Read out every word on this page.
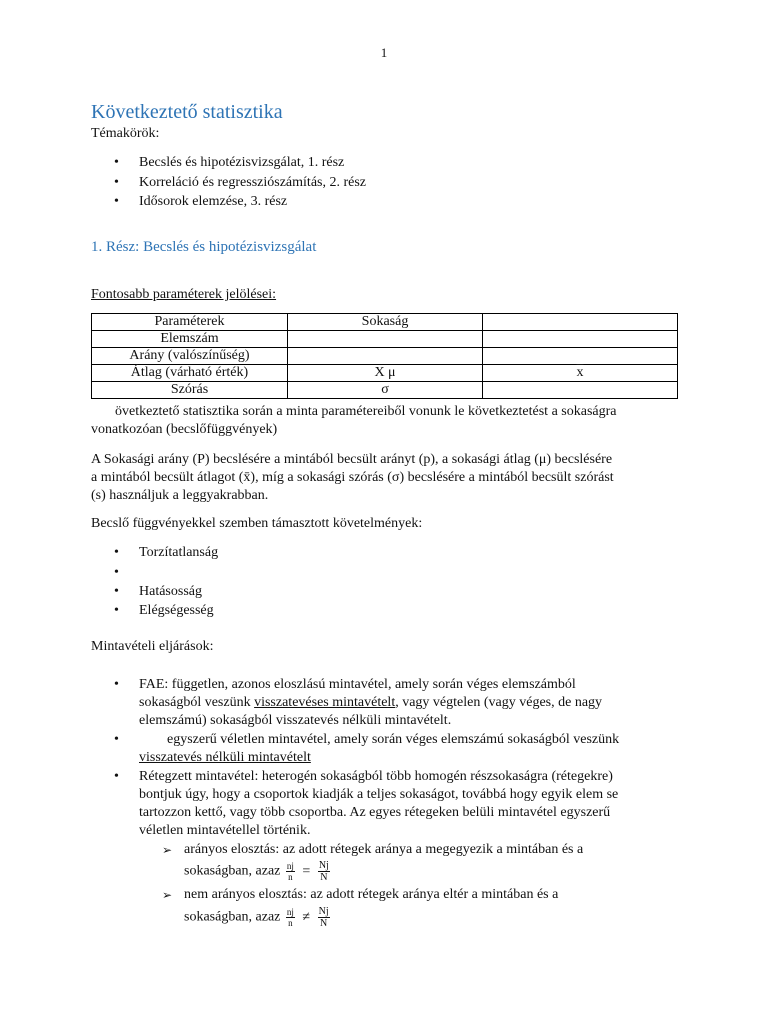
1
Következtető statisztika
Témakörök:
•
Becslés és hipotézisvizsgálat, 1. rész
•
Korreláció és regressziószámítás, 2. rész
•
Idősorok elemzése, 3. rész
1. Rész: Becslés és hipotézisvizsgálat
Fontosabb paraméterek jelölései:
Paraméterek	Sokaság	
Elemszám		
Arány (valószínűség)		
Átlag (várható érték)	X μ	$\overline{x}$
Szórás	σ	
övetkeztető statisztika során a minta paramétereiből vonunk le következtetést a sokaságra vonatkozóan (becslőfüggvények)
A Sokasági arány (P) becslésére a mintából becsült arányt (p), a sokasági átlag (μ) becslésére
a mintából becsült átlagot (x̄), míg a sokasági szórás (σ) becslésére a mintából becsült szórást
(s) használjuk a leggyakrabban.
Becslő függvényekkel szemben támasztott követelmények:
•
Torzítatlanság
•
•
Hatásosság
•
Elégségesség
Mintavételi eljárások:
•
FAE: független, azonos eloszlású mintavétel, amely során véges elemszámból
sokaságból veszünk visszatevéses mintavételt, vagy végtelen (vagy véges, de nagy
elemszámú) sokaságból visszatevés nélküli mintavételt.
•
egyszerű véletlen mintavétel, amely során véges elemszámú sokaságból veszünk
visszatevés nélküli mintavételt
•
Rétegzett mintavétel: heterogén sokaságból több homogén részsokaságra (rétegekre)
bontjuk úgy, hogy a csoportok kiadják a teljes sokaságot, továbbá hogy egyik elem se
tartozzon kettő, vagy több csoportba. Az egyes rétegeken belüli mintavétel egyszerű
véletlen mintavétellel történik.
➢
arányos elosztás: az adott rétegek aránya a megegyezik a mintában és a
sokaságban, azaz $\frac{nj}{n} = \frac{Nj}{N}$
➢
nem arányos elosztás: az adott rétegek aránya eltér a mintában és a
sokaságban, azaz $\frac{nj}{n} \ne \frac{Nj}{N}$
